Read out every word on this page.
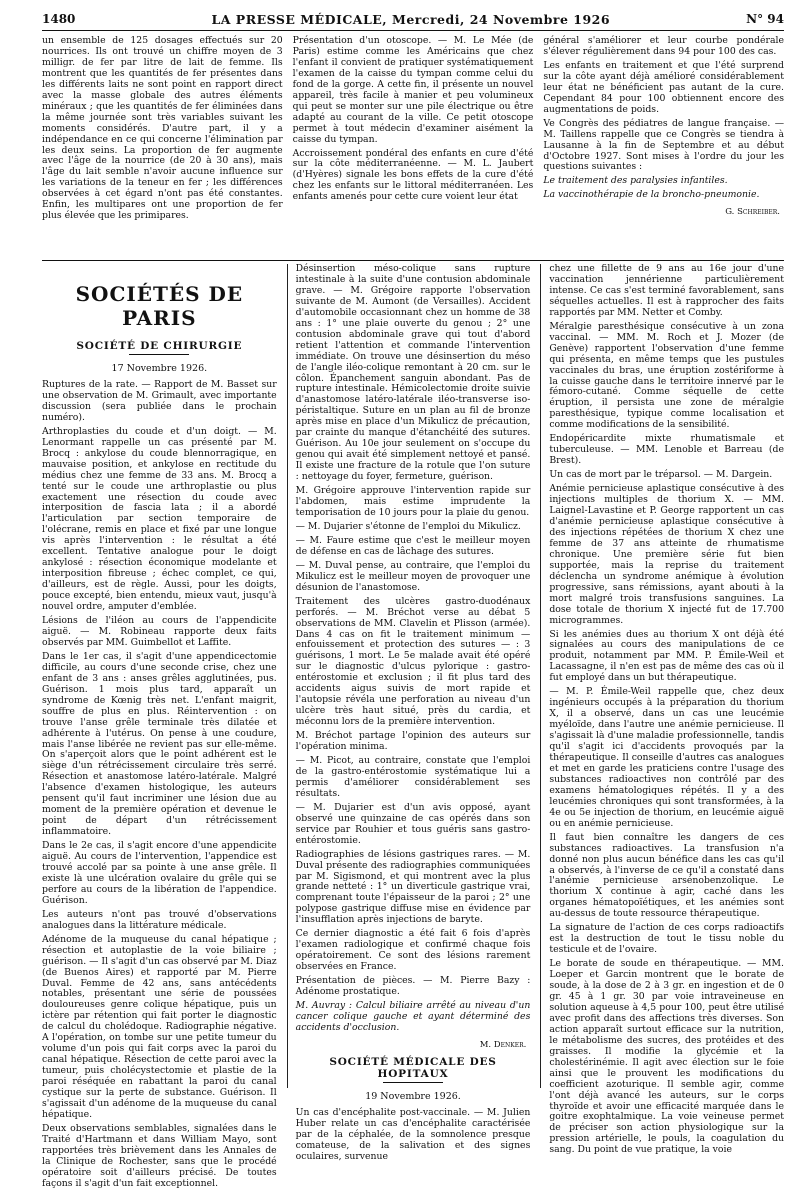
1480	LA PRESSE MÉDICALE, Mercredi, 24 Novembre 1926	N° 94

un ensemble de 125 dosages effectués sur 20 nourrices. Ils ont trouvé un chiffre moyen de 3 milligr. de fer par litre de lait de femme. Ils montrent que les quantités de fer présentes dans les différents laits ne sont point en rapport direct avec la masse globale des autres éléments minéraux ; que les quantités de fer éliminées dans la même journée sont très variables suivant les moments considérés. D'autre part, il y a indépendance en ce qui concerne l'élimination par les deux seins. La proportion de fer augmente avec l'âge de la nourrice (de 20 à 30 ans), mais l'âge du lait semble n'avoir aucune influence sur les variations de la teneur en fer ; les différences observées à cet égard n'ont pas été constantes. Enfin, les multipares ont une proportion de fer plus élevée que les primipares.

Présentation d'un otoscope. — M. Le Mée (de Paris) estime comme les Américains que chez l'enfant il convient de pratiquer systématiquement l'examen de la caisse du tympan comme celui du fond de la gorge. A cette fin, il présente un nouvel appareil, très facile à manier et peu volumineux qui peut se monter sur une pile électrique ou être adapté au courant de la ville. Ce petit otoscope permet à tout médecin d'examiner aisément la caisse du tympan.

Accroissement pondéral des enfants en cure d'été sur la côte méditerranéenne. — M. L. Jaubert (d'Hyères) signale les bons effets de la cure d'été chez les enfants sur le littoral méditerranéen. Les enfants amenés pour cette cure voient leur état

général s'améliorer et leur courbe pondérale s'élever régulièrement dans 94 pour 100 des cas.

Les enfants en traitement et que l'été surprend sur la côte ayant déjà amélioré considérablement leur état ne bénéficient pas autant de la cure. Cependant 84 pour 100 obtiennent encore des augmentations de poids.

Ve Congrès des pédiatres de langue française. — M. Taillens rappelle que ce Congrès se tiendra à Lausanne à la fin de Septembre et au début d'Octobre 1927. Sont mises à l'ordre du jour les questions suivantes :

Le traitement des paralysies infantiles.

La vaccinothérapie de la broncho-pneumonie.

G. Schreiber.

SOCIÉTÉS DE PARIS
SOCIÉTÉ DE CHIRURGIE
17 Novembre 1926.

Ruptures de la rate. — Rapport de M. Basset sur une observation de M. Grimault, avec importante discussion (sera publiée dans le prochain numéro).

Arthroplasties du coude et d'un doigt. — M. Lenormant rappelle un cas présenté par M. Brocq : ankylose du coude blennorragique, en mauvaise position, et ankylose en rectitude du médius chez une femme de 33 ans. M. Brocq a tenté sur le coude une arthroplastie ou plus exactement une résection du coude avec interposition de fascia lata ; il a abordé l'articulation par section temporaire de l'olécrane, remis en place et fixé par une longue vis après l'intervention : le résultat a été excellent. Tentative analogue pour le doigt ankylosé : résection économique modelante et interposition fibreuse ; échec complet, ce qui, d'ailleurs, est de règle. Aussi, pour les doigts, pouce excepté, bien entendu, mieux vaut, jusqu'à nouvel ordre, amputer d'emblée.

Lésions de l'iléon au cours de l'appendicite aiguë. — M. Robineau rapporte deux faits observés par MM. Guimbellot et Laffite.

Dans le 1er cas, il s'agit d'une appendicectomie difficile, au cours d'une seconde crise, chez une enfant de 3 ans : anses grêles agglutinées, pus. Guérison. 1 mois plus tard, apparaît un syndrome de Kœnig très net. L'enfant maigrit, souffre de plus en plus. Réintervention : on trouve l'anse grêle terminale très dilatée et adhérente à l'utérus. On pense à une coudure, mais l'anse libérée ne revient pas sur elle-même. On s'aperçoit alors que le point adhérent est le siège d'un rétrécissement circulaire très serré. Résection et anastomose latéro-latérale. Malgré l'absence d'examen histologique, les auteurs pensent qu'il faut incriminer une lésion due au moment de la première opération et devenue le point de départ d'un rétrécissement inflammatoire.

Dans le 2e cas, il s'agit encore d'une appendicite aiguë. Au cours de l'intervention, l'appendice est trouvé accolé par sa pointe à une anse grêle. Il existe là une ulcération ovalaire du grêle qui se perfore au cours de la libération de l'appendice. Guérison.

Les auteurs n'ont pas trouvé d'observations analogues dans la littérature médicale.

Adénome de la muqueuse du canal hépatique ; résection et autoplastie de la voie biliaire ; guérison. — Il s'agit d'un cas observé par M. Diaz (de Buenos Aires) et rapporté par M. Pierre Duval. Femme de 42 ans, sans antécédents notables, présentant une série de poussées douloureuses genre colique hépatique, puis un ictère par rétention qui fait porter le diagnostic de calcul du cholédoque. Radiographie négative. A l'opération, on tombe sur une petite tumeur du volume d'un pois qui fait corps avec la paroi du canal hépatique. Résection de cette paroi avec la tumeur, puis cholécystectomie et plastie de la paroi réséquée en rabattant la paroi du canal cystique sur la perte de substance. Guérison. Il s'agissait d'un adénome de la muqueuse du canal hépatique.

Deux observations semblables, signalées dans le Traité d'Hartmann et dans William Mayo, sont rapportées très brièvement dans les Annales de la Clinique de Rochester, sans que le procédé opératoire soit d'ailleurs précisé. De toutes façons il s'agit d'un fait exceptionnel.

Désinsertion méso-colique sans rupture intestinale à la suite d'une contusion abdominale grave. — M. Grégoire rapporte l'observation suivante de M. Aumont (de Versailles). Accident d'automobile occasionnant chez un homme de 38 ans : 1° une plaie ouverte du genou ; 2° une contusion abdominale grave qui tout d'abord retient l'attention et commande l'intervention immédiate. On trouve une désinsertion du méso de l'angle iléo-colique remontant à 20 cm. sur le côlon. Épanchement sanguin abondant. Pas de rupture intestinale. Hémicolectomie droite suivie d'anastomose latéro-latérale iléo-transverse iso-péristaltique. Suture en un plan au fil de bronze après mise en place d'un Mikulicz de précaution, par crainte du manque d'étanchéité des sutures. Guérison. Au 10e jour seulement on s'occupe du genou qui avait été simplement nettoyé et pansé. Il existe une fracture de la rotule que l'on suture : nettoyage du foyer, fermeture, guérison.

M. Grégoire approuve l'intervention rapide sur l'abdomen, mais estime imprudente la temporisation de 10 jours pour la plaie du genou.

— M. Dujarier s'étonne de l'emploi du Mikulicz.

— M. Faure estime que c'est le meilleur moyen de défense en cas de lâchage des sutures.

— M. Duval pense, au contraire, que l'emploi du Mikulicz est le meilleur moyen de provoquer une désunion de l'anastomose.

Traitement des ulcères gastro-duodénaux perforés. — M. Bréchot verse au débat 5 observations de MM. Clavelin et Plisson (armée). Dans 4 cas on fit le traitement minimum — enfouissement et protection des sutures — : 3 guérisons, 1 mort. Le 5e malade avait été opéré sur le diagnostic d'ulcus pylorique : gastro-entérostomie et exclusion ; il fit plus tard des accidents aigus suivis de mort rapide et l'autopsie révéla une perforation au niveau d'un ulcère très haut situé, près du cardia, et méconnu lors de la première intervention.

M. Bréchot partage l'opinion des auteurs sur l'opération minima.

— M. Picot, au contraire, constate que l'emploi de la gastro-entérostomie systématique lui a permis d'améliorer considérablement ses résultats.

— M. Dujarier est d'un avis opposé, ayant observé une quinzaine de cas opérés dans son service par Rouhier et tous guéris sans gastro-entérostomie.

Radiographies de lésions gastriques rares. — M. Duval présente des radiographies communiquées par M. Sigismond, et qui montrent avec la plus grande netteté : 1° un diverticule gastrique vrai, comprenant toute l'épaisseur de la paroi ; 2° une polypose gastrique diffuse mise en évidence par l'insufflation après injections de baryte.

Ce dernier diagnostic a été fait 6 fois d'après l'examen radiologique et confirmé chaque fois opératoirement. Ce sont des lésions rarement observées en France.

Présentation de pièces. — M. Pierre Bazy : Adénome prostatique.

M. Auvray : Calcul biliaire arrêté au niveau d'un cancer colique gauche et ayant déterminé des accidents d'occlusion.

M. Denker.

SOCIÉTÉ MÉDICALE DES HOPITAUX
19 Novembre 1926.

Un cas d'encéphalite post-vaccinale. — M. Julien Huber relate un cas d'encéphalite caractérisée par de la céphalée, de la somnolence presque comateuse, de la salivation et des signes oculaires, survenue

chez une fillette de 9 ans au 16e jour d'une vaccination jennérienne particulièrement intense. Ce cas s'est terminé favorablement, sans séquelles actuelles. Il est à rapprocher des faits rapportés par MM. Netter et Comby.

Méralgie paresthésique consécutive à un zona vaccinal. — MM. M. Roch et J. Mozer (de Genève) rapportent l'observation d'une femme qui présenta, en même temps que les pustules vaccinales du bras, une éruption zostériforme à la cuisse gauche dans le territoire innervé par le fémoro-cutané. Comme séquelle de cette éruption, il persista une zone de méralgie paresthésique, typique comme localisation et comme modifications de la sensibilité.

Endopéricardite mixte rhumatismale et tuberculeuse. — MM. Lenoble et Barreau (de Brest).

Un cas de mort par le tréparsol. — M. Dargein.

Anémie pernicieuse aplastique consécutive à des injections multiples de thorium X. — MM. Laignel-Lavastine et P. George rapportent un cas d'anémie pernicieuse aplastique consécutive à des injections répétées de thorium X chez une femme de 37 ans atteinte de rhumatisme chronique. Une première série fut bien supportée, mais la reprise du traitement déclencha un syndrome anémique à évolution progressive, sans rémissions, ayant abouti à la mort malgré trois transfusions sanguines. La dose totale de thorium X injecté fut de 17.700 microgrammes.

Si les anémies dues au thorium X ont déjà été signalées au cours des manipulations de ce produit, notamment par MM. P. Émile-Weil et Lacassagne, il n'en est pas de même des cas où il fut employé dans un but thérapeutique.

— M. P. Émile-Weil rappelle que, chez deux ingénieurs occupés à la préparation du thorium X, il a observé, dans un cas une leucémie myéloïde, dans l'autre une anémie pernicieuse. Il s'agissait là d'une maladie professionnelle, tandis qu'il s'agit ici d'accidents provoqués par la thérapeutique. Il conseille d'autres cas analogues et met en garde les praticiens contre l'usage des substances radioactives non contrôlé par des examens hématologiques répétés. Il y a des leucémies chroniques qui sont transformées, à la 4e ou 5e injection de thorium, en leucémie aiguë ou en anémie pernicieuse.

Il faut bien connaître les dangers de ces substances radioactives. La transfusion n'a donné non plus aucun bénéfice dans les cas qu'il a observés, à l'inverse de ce qu'il a constaté dans l'anémie pernicieuse arsénobenzolique. Le thorium X continue à agir, caché dans les organes hématopoïétiques, et les anémies sont au-dessus de toute ressource thérapeutique.

La signature de l'action de ces corps radioactifs est la destruction de tout le tissu noble du testicule et de l'ovaire.

Le borate de soude en thérapeutique. — MM. Loeper et Garcin montrent que le borate de soude, à la dose de 2 à 3 gr. en ingestion et de 0 gr. 45 à 1 gr. 30 par voie intraveineuse en solution aqueuse à 4,5 pour 100, peut être utilisé avec profit dans des affections très diverses. Son action apparaît surtout efficace sur la nutrition, le métabolisme des sucres, des protéides et des graisses. Il modifie la glycémie et la cholestérinémie. Il agit avec élection sur le foie ainsi que le prouvent les modifications du coefficient azoturique. Il semble agir, comme l'ont déjà avancé les auteurs, sur le corps thyroïde et avoir une efficacité marquée dans le goitre exophtalmique. La voie veineuse permet de préciser son action physiologique sur la pression artérielle, le pouls, la coagulation du sang. Du point de vue pratique, la voie
